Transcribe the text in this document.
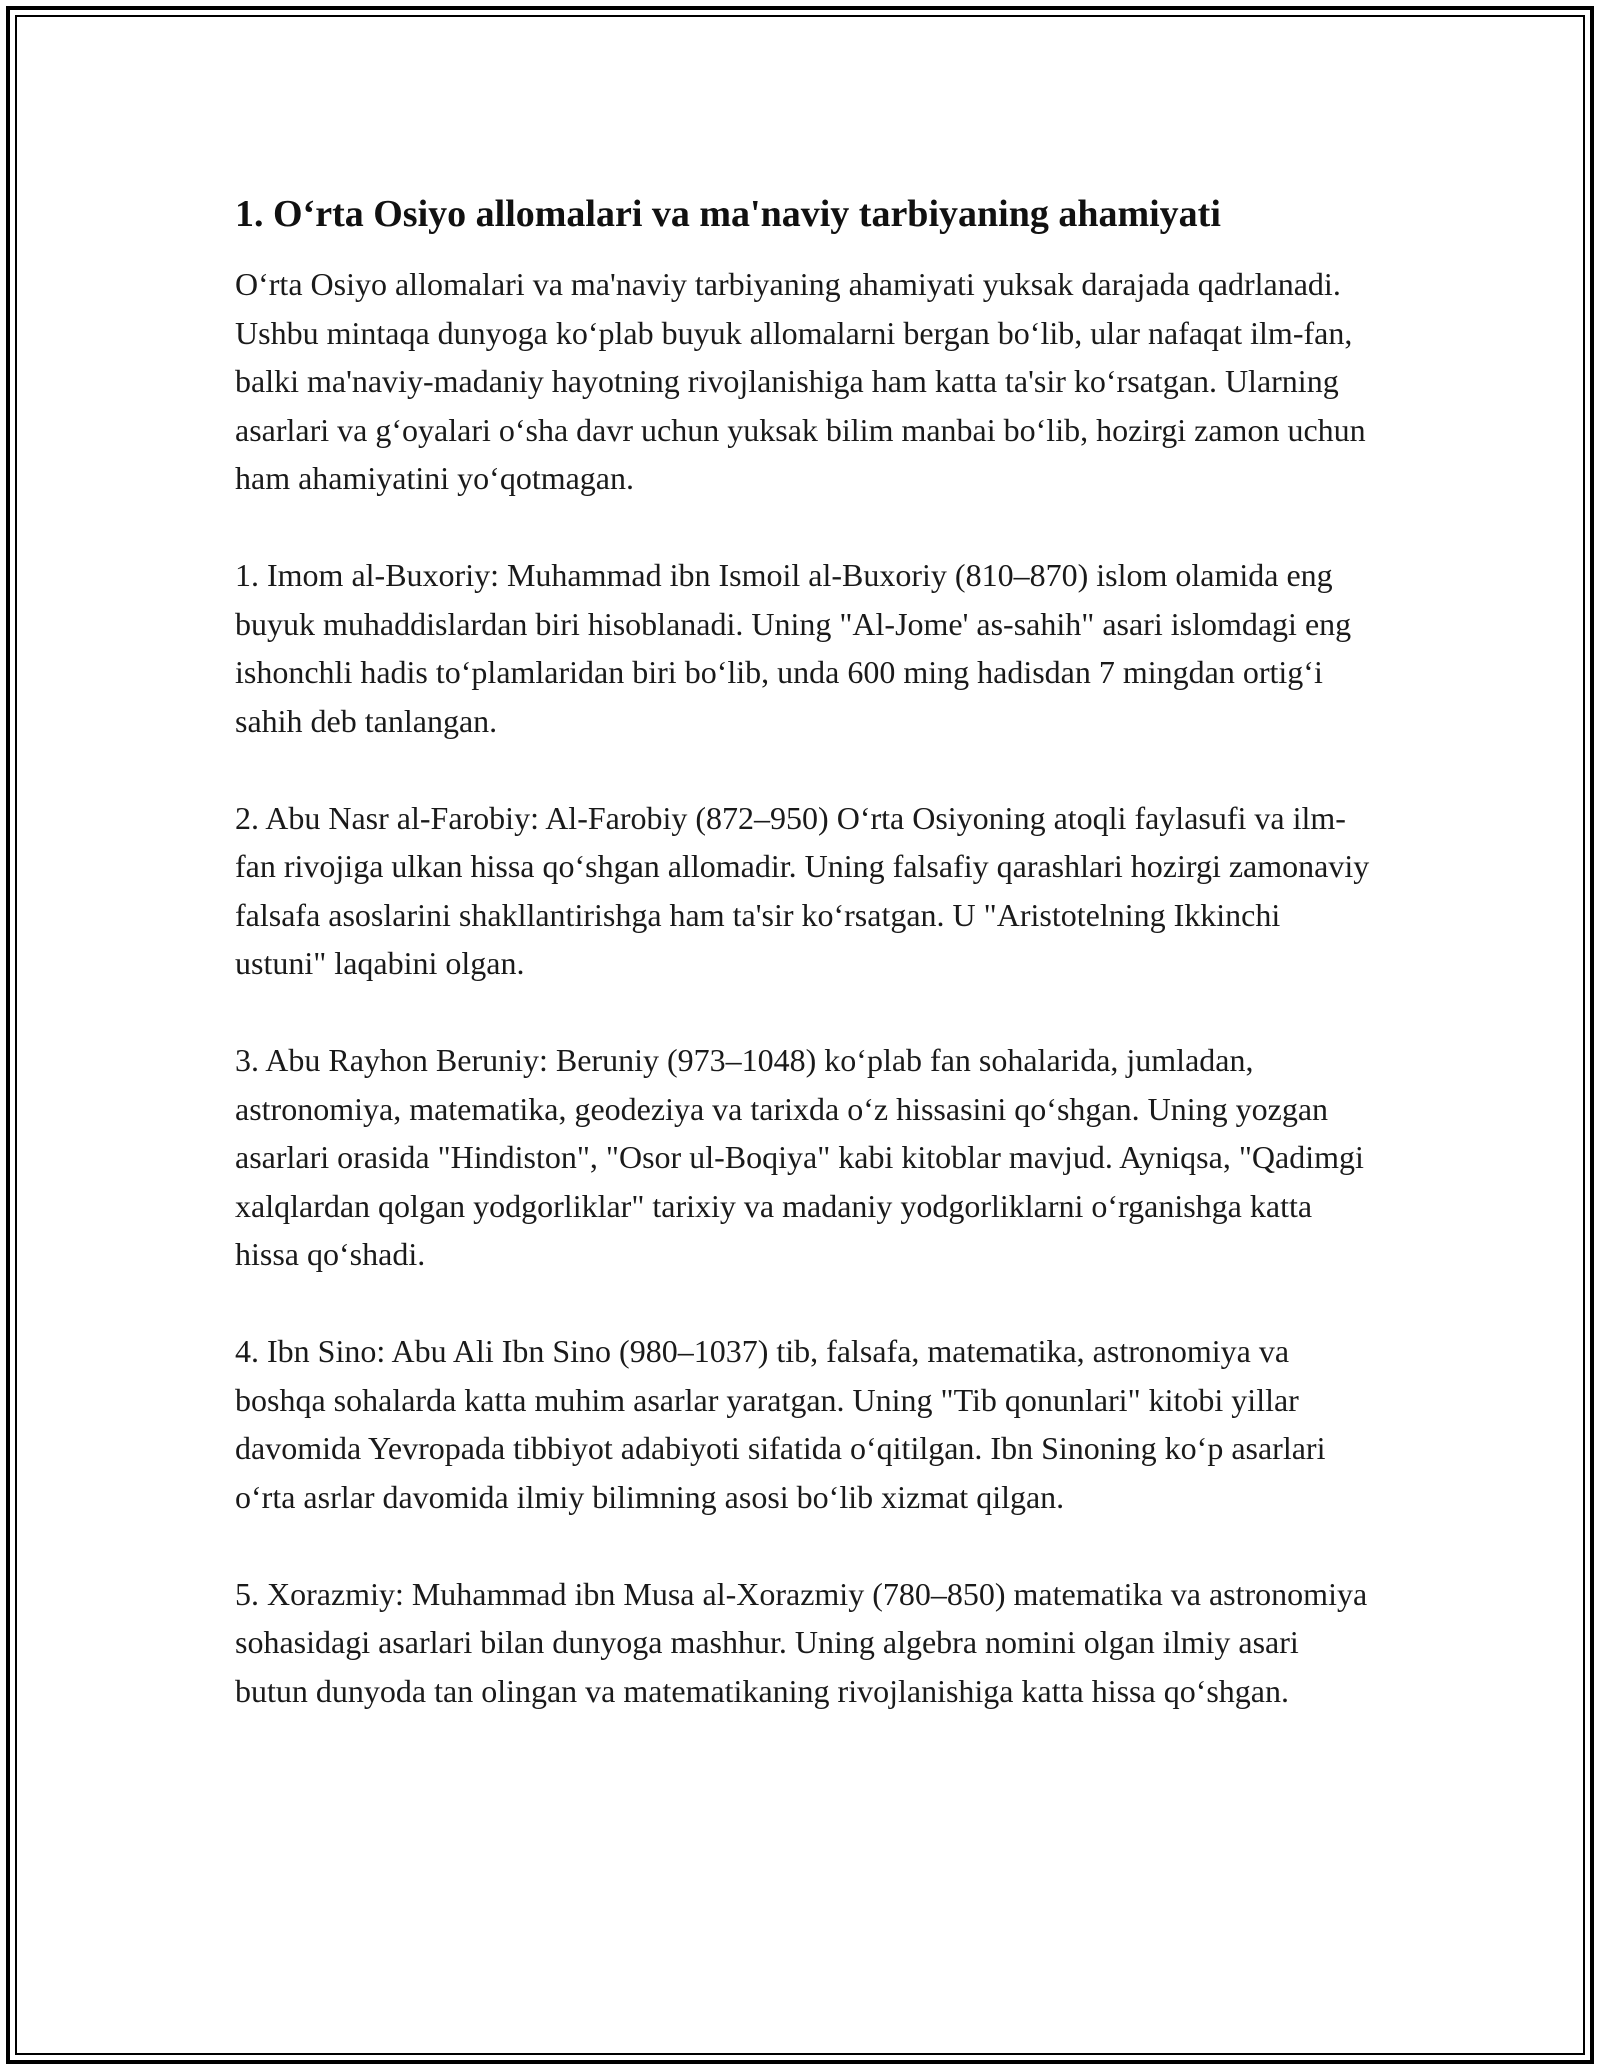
1. O‘rta Osiyo allomalari va ma'naviy tarbiyaning ahamiyati

O‘rta Osiyo allomalari va ma'naviy tarbiyaning ahamiyati yuksak darajada qadrlanadi. Ushbu mintaqa dunyoga ko‘plab buyuk allomalarni bergan bo‘lib, ular nafaqat ilm-fan, balki ma'naviy-madaniy hayotning rivojlanishiga ham katta ta'sir ko‘rsatgan. Ularning asarlari va g‘oyalari o‘sha davr uchun yuksak bilim manbai bo‘lib, hozirgi zamon uchun ham ahamiyatini yo‘qotmagan.

1. Imom al-Buxoriy: Muhammad ibn Ismoil al-Buxoriy (810–870) islom olamida eng buyuk muhaddislardan biri hisoblanadi. Uning "Al-Jome' as-sahih" asari islomdagi eng ishonchli hadis to‘plamlaridan biri bo‘lib, unda 600 ming hadisdan 7 mingdan ortig‘i sahih deb tanlangan.

2. Abu Nasr al-Farobiy: Al-Farobiy (872–950) O‘rta Osiyoning atoqli faylasufi va ilm-fan rivojiga ulkan hissa qo‘shgan allomadir. Uning falsafiy qarashlari hozirgi zamonaviy falsafa asoslarini shakllantirishga ham ta'sir ko‘rsatgan. U "Aristotelning Ikkinchi ustuni" laqabini olgan.

3. Abu Rayhon Beruniy: Beruniy (973–1048) ko‘plab fan sohalarida, jumladan, astronomiya, matematika, geodeziya va tarixda o‘z hissasini qo‘shgan. Uning yozgan asarlari orasida "Hindiston", "Osor ul-Boqiya" kabi kitoblar mavjud. Ayniqsa, "Qadimgi xalqlardan qolgan yodgorliklar" tarixiy va madaniy yodgorliklarni o‘rganishga katta hissa qo‘shadi.

4. Ibn Sino: Abu Ali Ibn Sino (980–1037) tib, falsafa, matematika, astronomiya va boshqa sohalarda katta muhim asarlar yaratgan. Uning "Tib qonunlari" kitobi yillar davomida Yevropada tibbiyot adabiyoti sifatida o‘qitilgan. Ibn Sinoning ko‘p asarlari o‘rta asrlar davomida ilmiy bilimning asosi bo‘lib xizmat qilgan.

5. Xorazmiy: Muhammad ibn Musa al-Xorazmiy (780–850) matematika va astronomiya sohasidagi asarlari bilan dunyoga mashhur. Uning algebra nomini olgan ilmiy asari butun dunyoda tan olingan va matematikaning rivojlanishiga katta hissa qo‘shgan.
